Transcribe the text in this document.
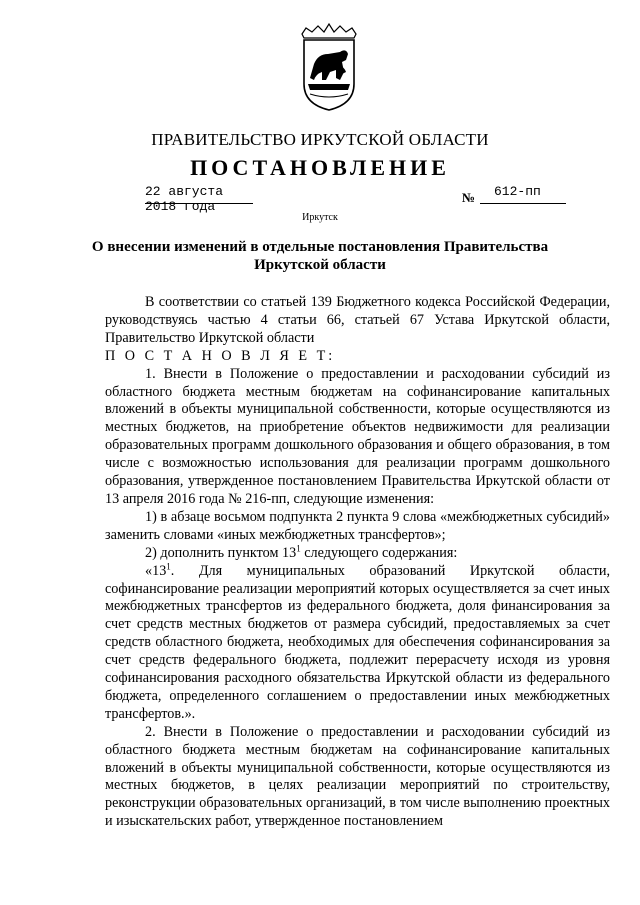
ПРАВИТЕЛЬСТВО ИРКУТСКОЙ ОБЛАСТИ
ПОСТАНОВЛЕНИЕ
22 августа 2018 года
№ 612-пп
Иркутск
О внесении изменений в отдельные постановления Правительства
Иркутской области

В соответствии со статьей 139 Бюджетного кодекса Российской Федерации, руководствуясь частью 4 статьи 66, статьей 67 Устава Иркутской области, Правительство Иркутской области

П О С Т А Н О В Л Я Е Т:

1. Внести в Положение о предоставлении и расходовании субсидий из областного бюджета местным бюджетам на софинансирование капитальных вложений в объекты муниципальной собственности, которые осуществляются из местных бюджетов, на приобретение объектов недвижимости для реализации образовательных программ дошкольного образования и общего образования, в том числе с возможностью использования для реализации программ дошкольного образования, утвержденное постановлением Правительства Иркутской области от 13 апреля 2016 года № 216-пп, следующие изменения:

1) в абзаце восьмом подпункта 2 пункта 9 слова «межбюджетных субсидий» заменить словами «иных межбюджетных трансфертов»;

2) дополнить пунктом $13^1$ следующего содержания:

«$13^1$. Для муниципальных образований Иркутской области, софинансирование реализации мероприятий которых осуществляется за счет иных межбюджетных трансфертов из федерального бюджета, доля финансирования за счет средств местных бюджетов от размера субсидий, предоставляемых за счет средств областного бюджета, необходимых для обеспечения софинансирования за счет средств федерального бюджета, подлежит перерасчету исходя из уровня софинансирования расходного обязательства Иркутской области из федерального бюджета, определенного соглашением о предоставлении иных межбюджетных трансфертов.».

2. Внести в Положение о предоставлении и расходовании субсидий из областного бюджета местным бюджетам на софинансирование капитальных вложений в объекты муниципальной собственности, которые осуществляются из местных бюджетов, в целях реализации мероприятий по строительству, реконструкции образовательных организаций, в том числе выполнению проектных и изыскательских работ, утвержденное постановлением
